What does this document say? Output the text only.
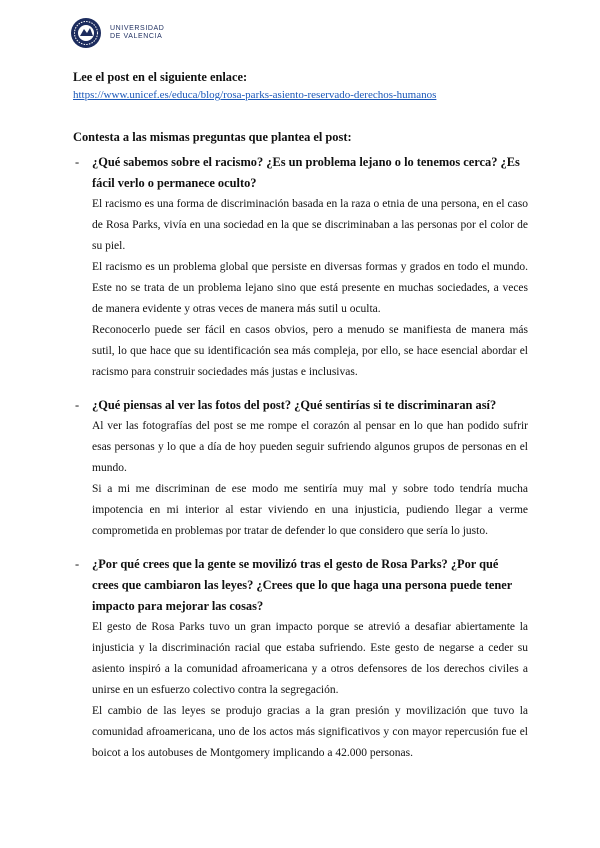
UNIVERSIDAD
DE VALENCIA

Lee el post en el siguiente enlace:

https://www.unicef.es/educa/blog/rosa-parks-asiento-reservado-derechos-humanos

Contesta a las mismas preguntas que plantea el post:

- ¿Qué sabemos sobre el racismo? ¿Es un problema lejano o lo tenemos cerca? ¿Es fácil verlo o permanece oculto?

El racismo es una forma de discriminación basada en la raza o etnia de una persona, en el caso de Rosa Parks, vivía en una sociedad en la que se discriminaban a las personas por el color de su piel.

El racismo es un problema global que persiste en diversas formas y grados en todo el mundo. Este no se trata de un problema lejano sino que está presente en muchas sociedades, a veces de manera evidente y otras veces de manera más sutil u oculta.

Reconocerlo puede ser fácil en casos obvios, pero a menudo se manifiesta de manera más sutil, lo que hace que su identificación sea más compleja, por ello, se hace esencial abordar el racismo para construir sociedades más justas e inclusivas.

- ¿Qué piensas al ver las fotos del post? ¿Qué sentirías si te discriminaran así?

Al ver las fotografías del post se me rompe el corazón al pensar en lo que han podido sufrir esas personas y lo que a día de hoy pueden seguir sufriendo algunos grupos de personas en el mundo.

Si a mi me discriminan de ese modo me sentiría muy mal y sobre todo tendría mucha impotencia en mi interior al estar viviendo en una injusticia, pudiendo llegar a verme comprometida en problemas por tratar de defender lo que considero que sería lo justo.

- ¿Por qué crees que la gente se movilizó tras el gesto de Rosa Parks? ¿Por qué crees que cambiaron las leyes? ¿Crees que lo que haga una persona puede tener impacto para mejorar las cosas?

El gesto de Rosa Parks tuvo un gran impacto porque se atrevió a desafiar abiertamente la injusticia y la discriminación racial que estaba sufriendo. Este gesto de negarse a ceder su asiento inspiró a la comunidad afroamericana y a otros defensores de los derechos civiles a unirse en un esfuerzo colectivo contra la segregación.

El cambio de las leyes se produjo gracias a la gran presión y movilización que tuvo la comunidad afroamericana, uno de los actos más significativos y con mayor repercusión fue el boicot a los autobuses de Montgomery implicando a 42.000 personas.
